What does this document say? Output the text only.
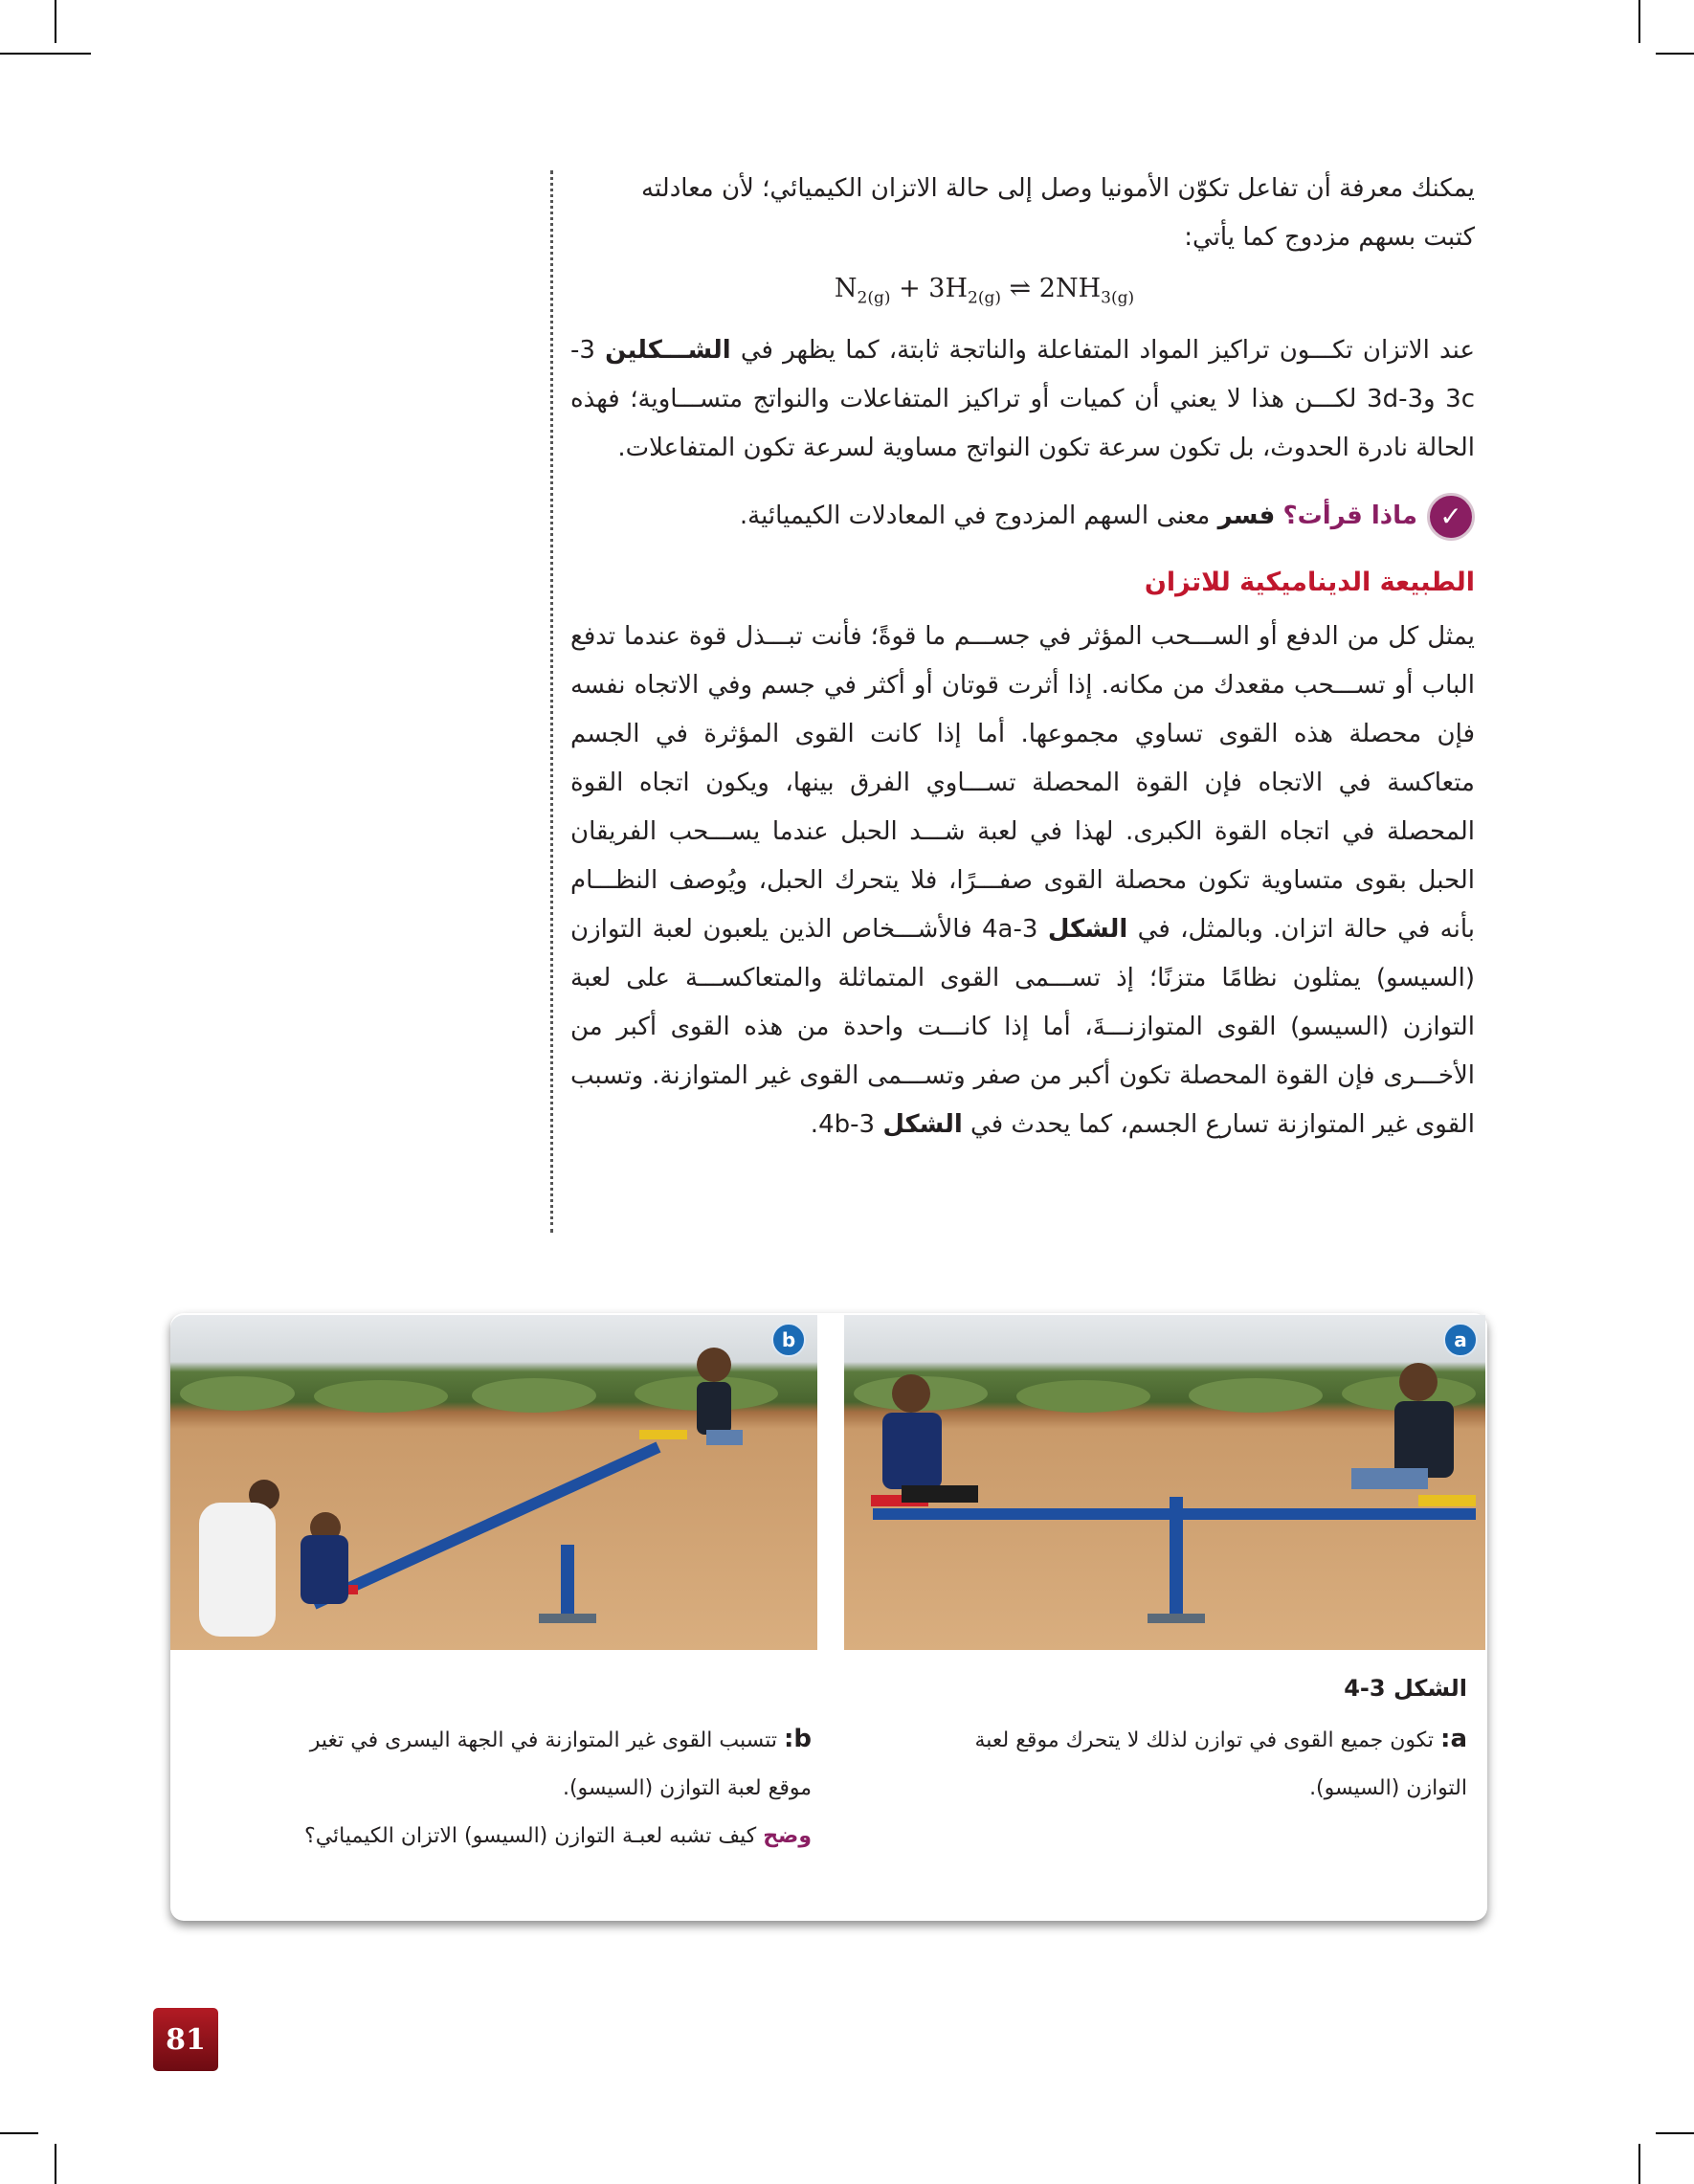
يمكنك معرفة أن تفاعل تكوّن الأمونيا وصل إلى حالة الاتزان الكيميائي؛ لأن معادلته
كتبت بسهم مزدوج كما يأتي:

$N_{2(g)} + 3H_{2(g)}$ ⇌ $2NH_{3(g)}$

عند الاتزان تكـــون تراكيز المواد المتفاعلة والناتجة ثابتة، كما يظهر في الشـــكلين 3-3c و3-3d لكـــن هذا لا يعني أن كميات أو تراكيز المتفاعلات والنواتج متســـاوية؛ فهذه الحالة نادرة الحدوث، بل تكون سرعة تكون النواتج مساوية لسرعة تكون المتفاعلات.

✓
ماذا قرأت؟ فسر معنى السهم المزدوج في المعادلات الكيميائية.
الطبيعة الديناميكية للاتزان

يمثل كل من الدفع أو الســـحب المؤثر في جســـم ما قوةً؛ فأنت تبـــذل قوة عندما تدفع الباب أو تســـحب مقعدك من مكانه. إذا أثرت قوتان أو أكثر في جسم وفي الاتجاه نفسه فإن محصلة هذه القوى تساوي مجموعها. أما إذا كانت القوى المؤثرة في الجسم متعاكسة في الاتجاه فإن القوة المحصلة تســـاوي الفرق بينها، ويكون اتجاه القوة المحصلة في اتجاه القوة الكبرى. لهذا في لعبة شـــد الحبل عندما يســـحب الفريقان الحبل بقوى متساوية تكون محصلة القوى صفـــرًا، فلا يتحرك الحبل، ويُوصف النظـــام بأنه في حالة اتزان. وبالمثل، في الشكل 3-4a فالأشـــخاص الذين يلعبون لعبة التوازن (السيسو) يمثلون نظامًا متزنًا؛ إذ تســـمى القوى المتماثلة والمتعاكســـة على لعبة التوازن (السيسو) القوى المتوازنـــةَ، أما إذا كانـــت واحدة من هذه القوى أكبر من الأخـــرى فإن القوة المحصلة تكون أكبر من صفر وتســـمى القوى غير المتوازنة. وتسبب القوى غير المتوازنة تسارع الجسم، كما يحدث في الشكل 3-4b.

b	a
الشكل 3-4
a: تكون جميع القوى في توازن لذلك لا يتحرك موقع لعبة التوازن (السيسو).
b: تتسبب القوى غير المتوازنة في الجهة اليسرى في تغير موقع لعبة التوازن (السيسو).
وضح كيف تشبه لعبـة التوازن (السيسو) الاتزان الكيميائي؟
81
